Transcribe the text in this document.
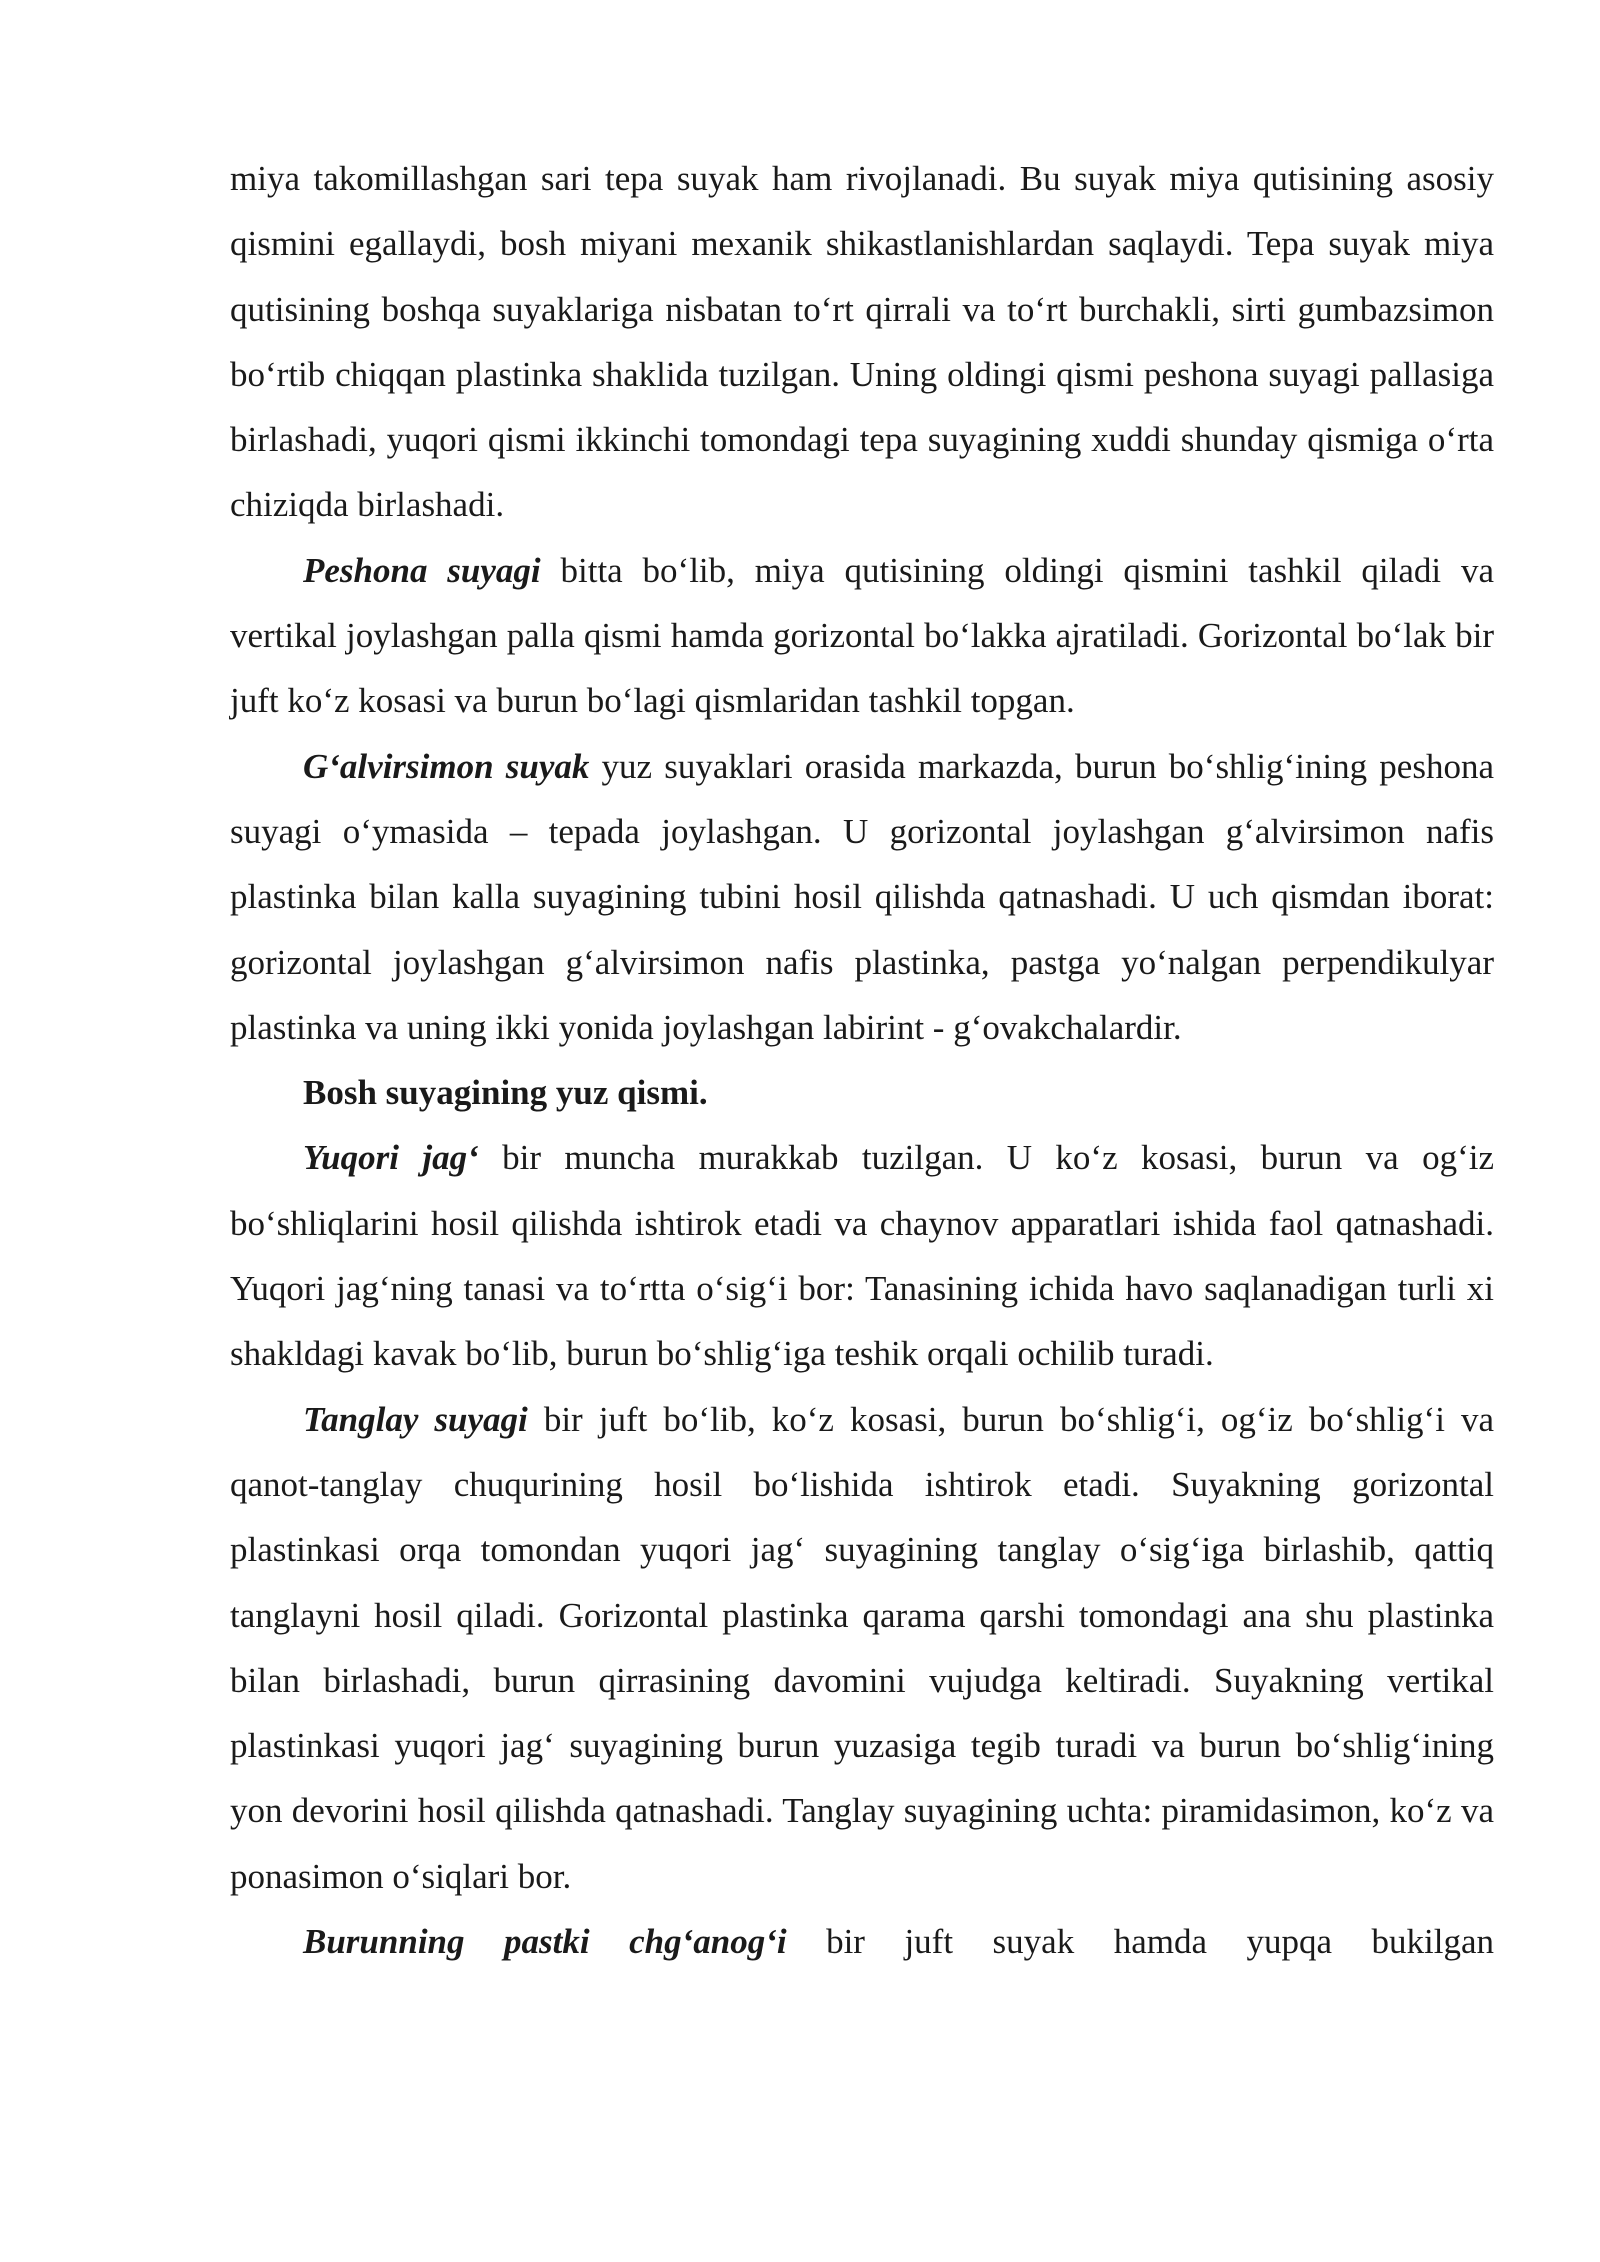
miya takomillashgan sari tepa suyak ham rivojlanadi. Bu suyak miya qutisining asosiy qismini egallaydi, bosh miyani mexanik shikastlanishlardan saqlaydi. Tepa suyak miya qutisining boshqa suyaklariga nisbatan to‘rt qirrali va to‘rt burchakli, sirti gumbazsimon bo‘rtib chiqqan plastinka shaklida tuzilgan. Uning oldingi qismi peshona suyagi pallasiga birlashadi, yuqori qismi ikkinchi tomondagi tepa suyagining xuddi shunday qismiga o‘rta chiziqda birlashadi.

Peshona suyagi bitta bo‘lib, miya qutisining oldingi qismini tashkil qiladi va vertikal joylashgan palla qismi hamda gorizontal bo‘lakka ajratiladi. Gorizontal bo‘lak bir juft ko‘z kosasi va burun bo‘lagi qismlaridan tashkil topgan.

G‘alvirsimon suyak yuz suyaklari orasida markazda, burun bo‘shlig‘ining peshona suyagi o‘ymasida – tepada joylashgan. U gorizontal joylashgan g‘alvirsimon nafis plastinka bilan kalla suyagining tubini hosil qilishda qatnashadi. U uch qismdan iborat: gorizontal joylashgan g‘alvirsimon nafis plastinka, pastga yo‘nalgan perpendikulyar plastinka va uning ikki yonida joylashgan labirint - g‘ovakchalardir.

Bosh suyagining yuz qismi.

Yuqori jag‘ bir muncha murakkab tuzilgan. U ko‘z kosasi, burun va og‘iz bo‘shliqlarini hosil qilishda ishtirok etadi va chaynov apparatlari ishida faol qatnashadi. Yuqori jag‘ning tanasi va to‘rtta o‘sig‘i bor: Tanasining ichida havo saqlanadigan turli xi shakldagi kavak bo‘lib, burun bo‘shlig‘iga teshik orqali ochilib turadi.

Tanglay suyagi bir juft bo‘lib, ko‘z kosasi, burun bo‘shlig‘i, og‘iz bo‘shlig‘i va qanot-tanglay chuqurining hosil bo‘lishida ishtirok etadi. Suyakning gorizontal plastinkasi orqa tomondan yuqori jag‘ suyagining tanglay o‘sig‘iga birlashib, qattiq tanglayni hosil qiladi. Gorizontal plastinka qarama qarshi tomondagi ana shu plastinka bilan birlashadi, burun qirrasining davomini vujudga keltiradi. Suyakning vertikal plastinkasi yuqori jag‘ suyagining burun yuzasiga tegib turadi va burun bo‘shlig‘ining yon devorini hosil qilishda qatnashadi. Tanglay suyagining uchta: piramidasimon, ko‘z va ponasimon o‘siqlari bor.

Burunning pastki chg‘anog‘i bir juft suyak hamda yupqa bukilgan
